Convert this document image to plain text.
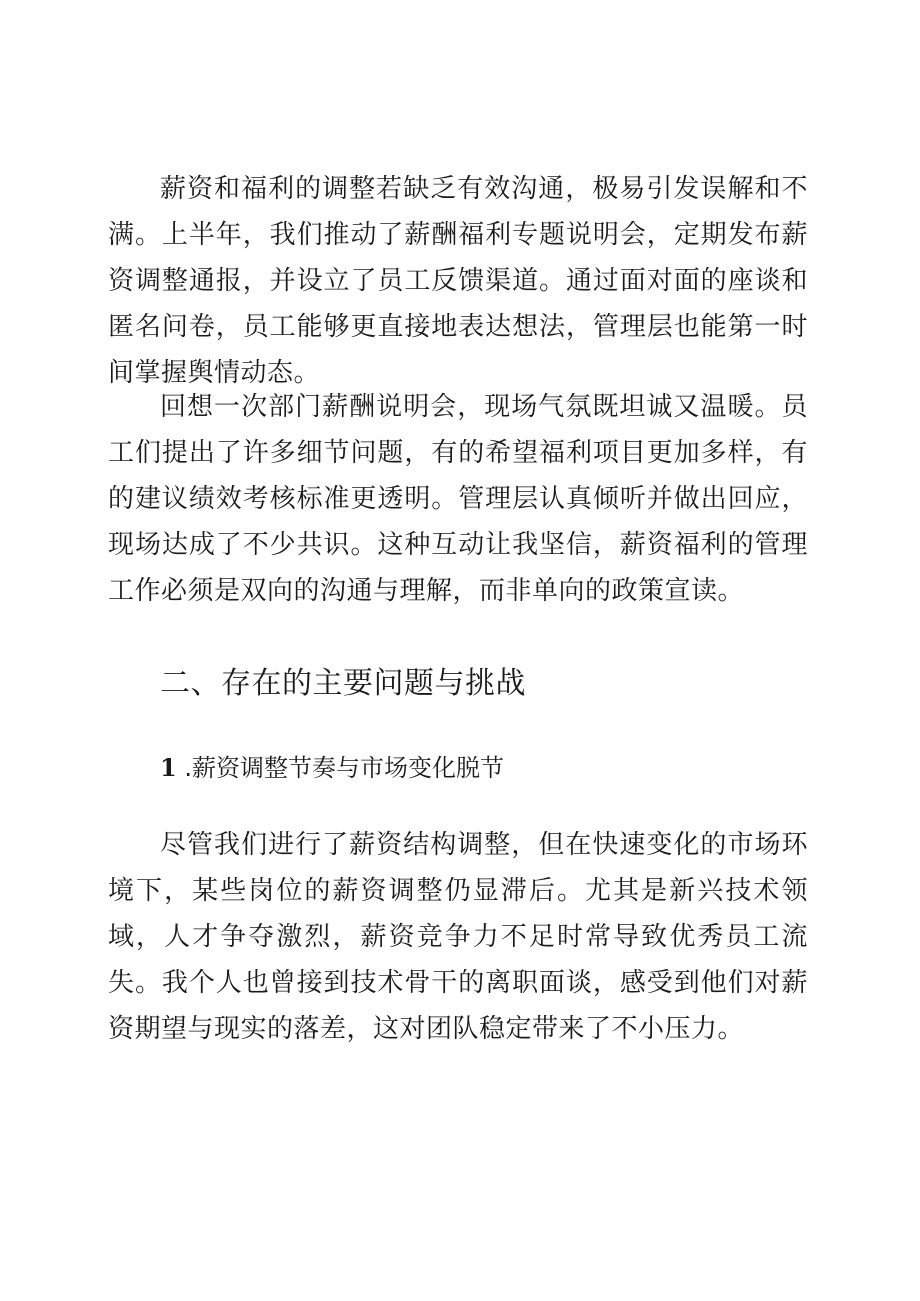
薪资和福利的调整若缺乏有效沟通，极易引发误解和不满。上半年，我们推动了薪酬福利专题说明会，定期发布薪资调整通报，并设立了员工反馈渠道。通过面对面的座谈和匿名问卷，员工能够更直接地表达想法，管理层也能第一时间掌握舆情动态。

回想一次部门薪酬说明会，现场气氛既坦诚又温暖。员工们提出了许多细节问题，有的希望福利项目更加多样，有的建议绩效考核标准更透明。管理层认真倾听并做出回应，现场达成了不少共识。这种互动让我坚信，薪资福利的管理工作必须是双向的沟通与理解，而非单向的政策宣读。

二、存在的主要问题与挑战
1 .薪资调整节奏与市场变化脱节

尽管我们进行了薪资结构调整，但在快速变化的市场环境下，某些岗位的薪资调整仍显滞后。尤其是新兴技术领域，人才争夺激烈，薪资竞争力不足时常导致优秀员工流失。我个人也曾接到技术骨干的离职面谈，感受到他们对薪资期望与现实的落差，这对团队稳定带来了不小压力。
